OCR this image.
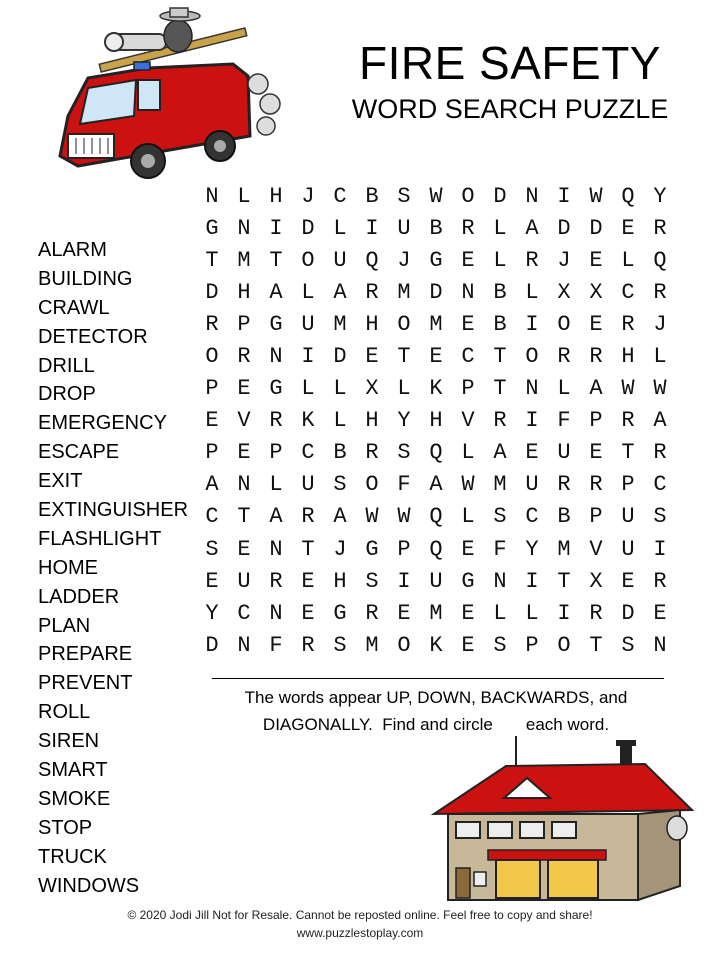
FIRE SAFETY
WORD SEARCH PUZZLE
ALARM
BUILDING
CRAWL
DETECTOR
DRILL
DROP
EMERGENCY
ESCAPE
EXIT
EXTINGUISHER
FLASHLIGHT
HOME
LADDER
PLAN
PREPARE
PREVENT
ROLL
SIREN
SMART
SMOKE
STOP
TRUCK
WINDOWS
N L H J C B S W O D N I W Q Y
G N I D L I U B R L A D D E R
T M T O U Q J G E L R J E L Q
D H A L A R M D N B L X X C R
R P G U M H O M E B I O E R J
O R N I D E T E C T O R R H L
P E G L L X L K P T N L A W W
E V R K L H Y H V R I F P R A
P E P C B R S Q L A E U E T R
A N L U S O F A W M U R R P C
C T A R A W W Q L S C B P U S
S E N T J G P Q E F Y M V U I
E U R E H S I U G N I T X E R
Y C N E G R E M E L L I R D E
D N F R S M O K E S P O T S N
The words appear UP, DOWN, BACKWARDS, and
DIAGONALLY.  Find and circle       each word.
© 2020 Jodi Jill Not for Resale. Cannot be reposted online. Feel free to copy and share!
www.puzzlestoplay.com
